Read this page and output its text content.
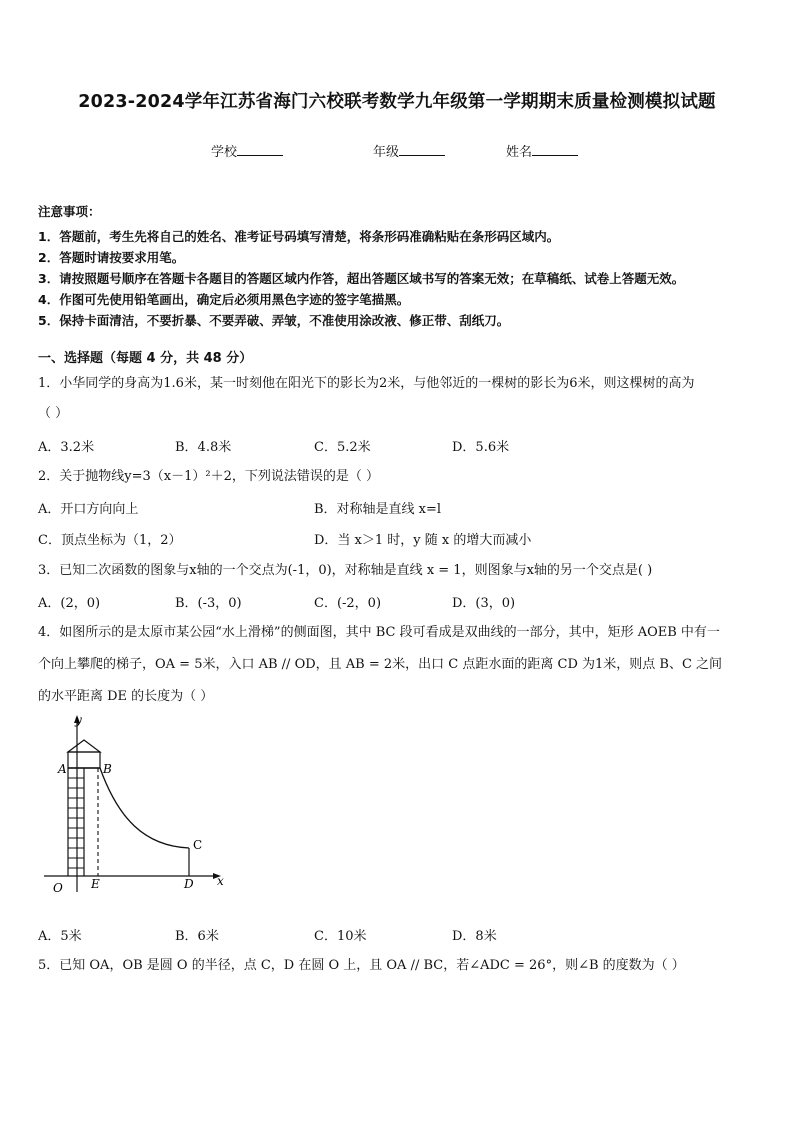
2023-2024学年江苏省海门六校联考数学九年级第一学期期末质量检测模拟试题
学校	年级	姓名
注意事项：
1．答题前，考生先将自己的姓名、准考证号码填写清楚，将条形码准确粘贴在条形码区域内。
2．答题时请按要求用笔。
3．请按照题号顺序在答题卡各题目的答题区域内作答，超出答题区域书写的答案无效；在草稿纸、试卷上答题无效。
4．作图可先使用铅笔画出，确定后必须用黑色字迹的签字笔描黑。
5．保持卡面清洁，不要折暴、不要弄破、弄皱，不准使用涂改液、修正带、刮纸刀。
一、选择题（每题 4 分，共 48 分）
1．小华同学的身高为1.6米，某一时刻他在阳光下的影长为2米，与他邻近的一棵树的影长为6米，则这棵树的高为
（ ）
A．3.2米	B．4.8米	C．5.2米	D．5.6米
2．关于抛物线y=3（x－1）²＋2，下列说法错误的是（ ）
A．开口方向向上	B．对称轴是直线 x=l
C．顶点坐标为（1，2）	D．当 x＞1 时，y 随 x 的增大而减小
3．已知二次函数的图象与x轴的一个交点为(-1，0)，对称轴是直线 x = 1，则图象与x轴的另一个交点是( )
A．(2，0)	B．(-3，0)	C．(-2，0)	D．(3，0)
4．如图所示的是太原市某公园“水上滑梯”的侧面图，其中 BC 段可看成是双曲线的一部分，其中，矩形 AOEB 中有一
个向上攀爬的梯子，OA = 5米，入口 AB // OD，且 AB = 2米，出口 C 点距水面的距离 CD 为1米，则点 B、C 之间
的水平距离 DE 的长度为（ ）
y
x
A	B
C
O E	D
A．5米	B．6米	C．10米	D．8米
5．已知 OA，OB 是圆 O 的半径，点 C，D 在圆 O 上，且 OA // BC，若∠ADC = 26°，则∠B 的度数为（ ）
